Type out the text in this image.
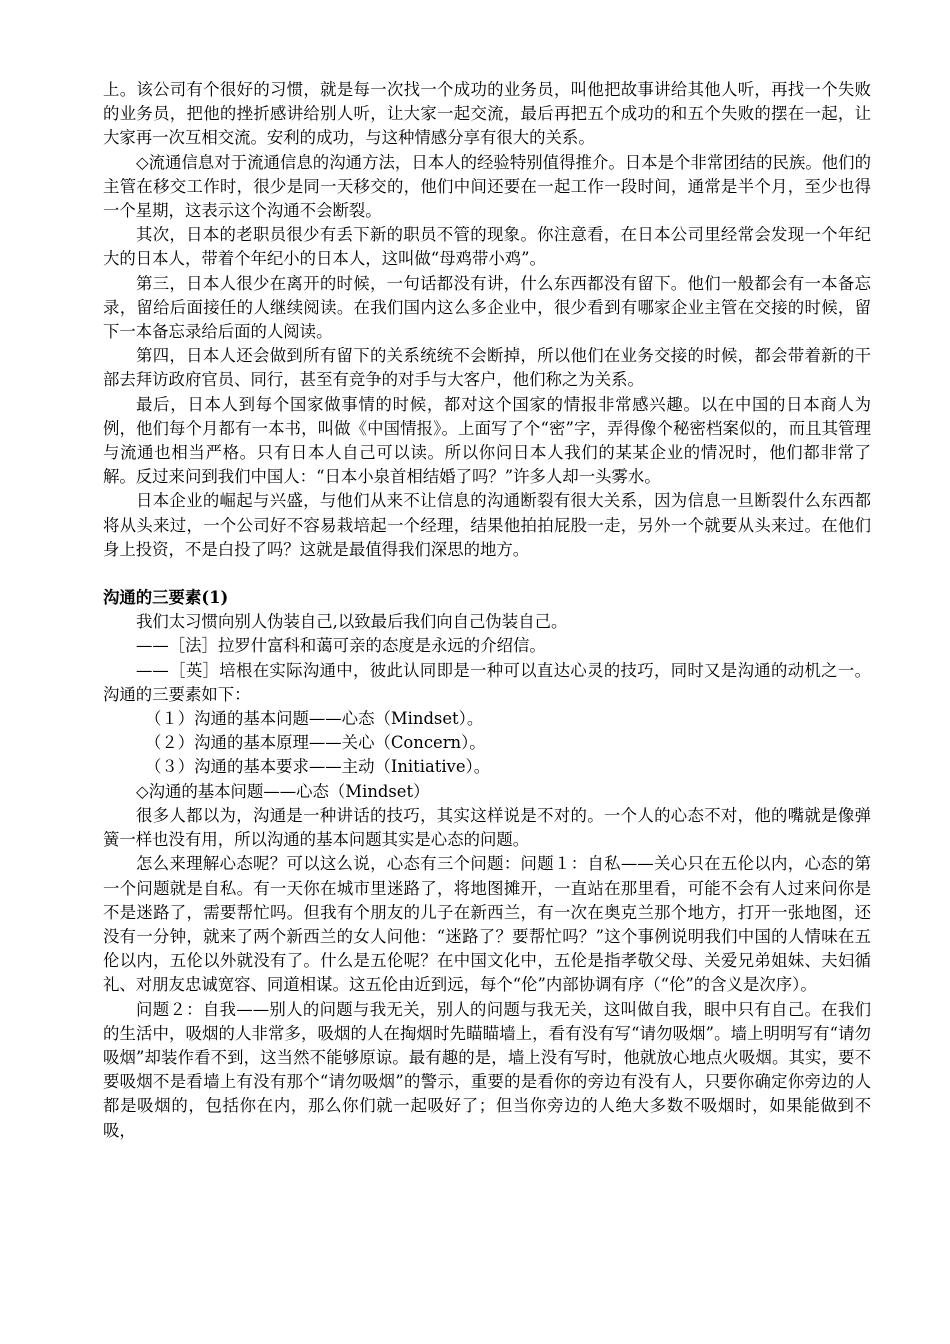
上。该公司有个很好的习惯，就是每一次找一个成功的业务员，叫他把故事讲给其他人听，再找一个失败的业务员，把他的挫折感讲给别人听，让大家一起交流，最后再把五个成功的和五个失败的摆在一起，让大家再一次互相交流。安利的成功，与这种情感分享有很大的关系。

◇流通信息对于流通信息的沟通方法，日本人的经验特别值得推介。日本是个非常团结的民族。他们的主管在移交工作时，很少是同一天移交的，他们中间还要在一起工作一段时间，通常是半个月，至少也得一个星期，这表示这个沟通不会断裂。

其次，日本的老职员很少有丢下新的职员不管的现象。你注意看，在日本公司里经常会发现一个年纪大的日本人，带着个年纪小的日本人，这叫做“母鸡带小鸡”。

第三，日本人很少在离开的时候，一句话都没有讲，什么东西都没有留下。他们一般都会有一本备忘录，留给后面接任的人继续阅读。在我们国内这么多企业中，很少看到有哪家企业主管在交接的时候，留下一本备忘录给后面的人阅读。

第四，日本人还会做到所有留下的关系统统不会断掉，所以他们在业务交接的时候，都会带着新的干部去拜访政府官员、同行，甚至有竞争的对手与大客户，他们称之为关系。

最后，日本人到每个国家做事情的时候，都对这个国家的情报非常感兴趣。以在中国的日本商人为例，他们每个月都有一本书，叫做《中国情报》。上面写了个“密”字，弄得像个秘密档案似的，而且其管理与流通也相当严格。只有日本人自己可以读。所以你问日本人我们的某某企业的情况时，他们都非常了解。反过来问到我们中国人：“日本小泉首相结婚了吗？”许多人却一头雾水。

日本企业的崛起与兴盛，与他们从来不让信息的沟通断裂有很大关系，因为信息一旦断裂什么东西都将从头来过，一个公司好不容易栽培起一个经理，结果他拍拍屁股一走，另外一个就要从头来过。在他们身上投资，不是白投了吗？这就是最值得我们深思的地方。

沟通的三要素(1)

我们太习惯向别人伪装自己,以致最后我们向自己伪装自己。

——［法］拉罗什富科和蔼可亲的态度是永远的介绍信。

——［英］培根在实际沟通中，彼此认同即是一种可以直达心灵的技巧，同时又是沟通的动机之一。沟通的三要素如下：

（１）沟通的基本问题——心态（Mindset）。

（２）沟通的基本原理——关心（Concern）。

（３）沟通的基本要求——主动（Initiative）。

◇沟通的基本问题——心态（Mindset）

很多人都以为，沟通是一种讲话的技巧，其实这样说是不对的。一个人的心态不对，他的嘴就是像弹簧一样也没有用，所以沟通的基本问题其实是心态的问题。

怎么来理解心态呢？可以这么说，心态有三个问题：问题１：自私——关心只在五伦以内，心态的第一个问题就是自私。有一天你在城市里迷路了，将地图摊开，一直站在那里看，可能不会有人过来问你是不是迷路了，需要帮忙吗。但我有个朋友的儿子在新西兰，有一次在奥克兰那个地方，打开一张地图，还没有一分钟，就来了两个新西兰的女人问他：“迷路了？要帮忙吗？”这个事例说明我们中国的人情味在五伦以内，五伦以外就没有了。什么是五伦呢？在中国文化中，五伦是指孝敬父母、关爱兄弟姐妹、夫妇循礼、对朋友忠诚宽容、同道相谋。这五伦由近到远，每个“伦”内部协调有序（“伦”的含义是次序）。

问题２：自我——别人的问题与我无关，别人的问题与我无关，这叫做自我，眼中只有自己。在我们的生活中，吸烟的人非常多，吸烟的人在掏烟时先瞄瞄墙上，看有没有写“请勿吸烟”。墙上明明写有“请勿吸烟”却装作看不到，这当然不能够原谅。最有趣的是，墙上没有写时，他就放心地点火吸烟。其实，要不要吸烟不是看墙上有没有那个“请勿吸烟”的警示，重要的是看你的旁边有没有人，只要你确定你旁边的人都是吸烟的，包括你在内，那么你们就一起吸好了；但当你旁边的人绝大多数不吸烟时，如果能做到不吸，
